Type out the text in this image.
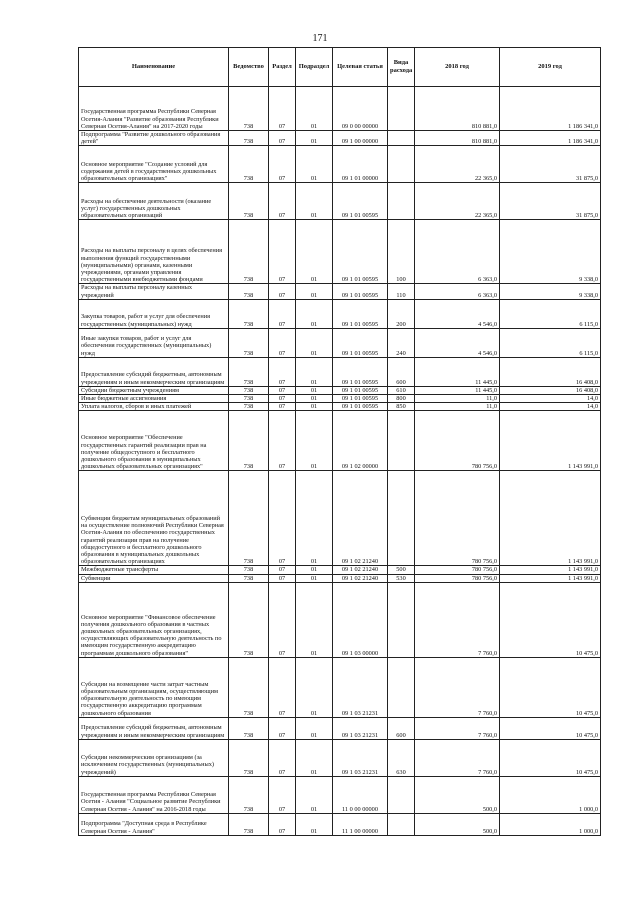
171
Наименование	Ведомство	Раздел	Подраздел	Целевая статья	Вида расхода	2018 год	2019 год
Государственная программа Республики Северная Осетия-Алания "Развитие образования Республики Северная Осетия-Алания" на 2017-2020 годы	738	07	01	09 0 00 00000		810 881,0	1 186 341,0
Подпрограмма "Развитие дошкольного образования детей"	738	07	01	09 1 00 00000		810 881,0	1 186 341,0
Основное мероприятие "Создание условий для содержания детей в государственных дошкольных образовательных организациях"	738	07	01	09 1 01 00000		22 365,0	31 875,0
Расходы на обеспечение деятельности (оказание услуг) государственных дошкольных образовательных организаций	738	07	01	09 1 01 00595		22 365,0	31 875,0
Расходы на выплаты персоналу в целях обеспечения выполнения функций государственными (муниципальными) органами, казенными учреждениями, органами управления государственными внебюджетными фондами	738	07	01	09 1 01 00595	100	6 363,0	9 338,0
Расходы на выплаты персоналу казенных учреждений	738	07	01	09 1 01 00595	110	6 363,0	9 338,0
Закупка товаров, работ и услуг для обеспечения государственных (муниципальных) нужд	738	07	01	09 1 01 00595	200	4 546,0	6 115,0
Иные закупки товаров, работ и услуг для обеспечения государственных (муниципальных) нужд	738	07	01	09 1 01 00595	240	4 546,0	6 115,0
Предоставление субсидий бюджетным, автономным учреждениям и иным некоммерческим организациям	738	07	01	09 1 01 00595	600	11 445,0	16 408,0
Субсидии бюджетным учреждениям	738	07	01	09 1 01 00595	610	11 445,0	16 408,0
Иные бюджетные ассигнования	738	07	01	09 1 01 00595	800	11,0	14,0
Уплата налогов, сборов и иных платежей	738	07	01	09 1 01 00595	850	11,0	14,0
Основное мероприятие "Обеспечение государственных гарантий реализации прав на получение общедоступного и бесплатного дошкольного образования в муниципальных дошкольных образовательных организациях"	738	07	01	09 1 02 00000		780 756,0	1 143 991,0
Субвенции бюджетам муниципальных образований на осуществление полномочий Республики Северная Осетия-Алания по обеспечению государственных гарантий реализации прав на получение общедоступного и бесплатного дошкольного образования в муниципальных дошкольных образовательных организациях	738	07	01	09 1 02 21240		780 756,0	1 143 991,0
Межбюджетные трансферты	738	07	01	09 1 02 21240	500	780 756,0	1 143 991,0
Субвенции	738	07	01	09 1 02 21240	530	780 756,0	1 143 991,0
Основное мероприятие "Финансовое обеспечение получения дошкольного образования в частных дошкольных образовательных организациях, осуществляющих образовательную деятельность по имеющим государственную аккредитацию программам дошкольного образования"	738	07	01	09 1 03 00000		7 760,0	10 475,0
Субсидии на возмещение части затрат частным образовательным организациям, осуществляющим образовательную деятельность по имеющим государственную аккредитацию программам дошкольного образования	738	07	01	09 1 03 21231		7 760,0	10 475,0
Предоставление субсидий бюджетным, автономным учреждениям и иным некоммерческим организациям	738	07	01	09 1 03 21231	600	7 760,0	10 475,0
Субсидии некоммерческим организациям (за исключением государственных (муниципальных) учреждений)	738	07	01	09 1 03 21231	630	7 760,0	10 475,0
Государственная программа Республики Северная Осетия - Алания "Социальное развитие Республики Северная Осетия - Алания" на 2016-2018 годы	738	07	01	11 0 00 00000		500,0	1 000,0
Подпрограмма "Доступная среда в Республике Северная Осетия - Алания"	738	07	01	11 1 00 00000		500,0	1 000,0
